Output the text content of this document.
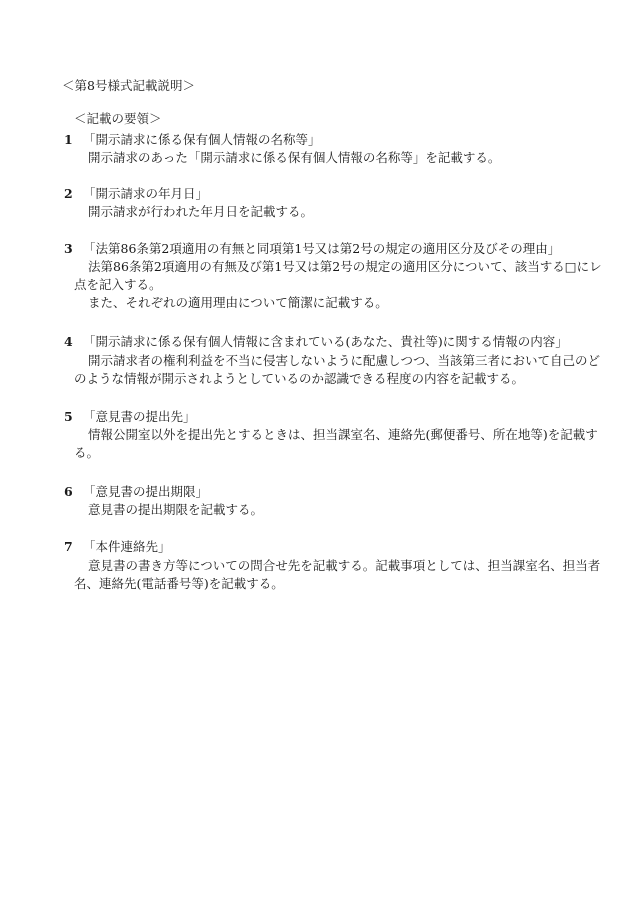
＜第8号様式記載説明＞
＜記載の要領＞
1 「開示請求に係る保有個人情報の名称等」
開示請求のあった「開示請求に係る保有個人情報の名称等」を記載する。
2 「開示請求の年月日」
開示請求が行われた年月日を記載する。
3 「法第86条第2項適用の有無と同項第1号又は第2号の規定の適用区分及びその理由」
法第86条第2項適用の有無及び第1号又は第2号の規定の適用区分について、該当する□にレ
点を記入する。
また、それぞれの適用理由について簡潔に記載する。
4 「開示請求に係る保有個人情報に含まれている(あなた、貴社等)に関する情報の内容」
開示請求者の権利利益を不当に侵害しないように配慮しつつ、当該第三者において自己のど
のような情報が開示されようとしているのか認識できる程度の内容を記載する。
5 「意見書の提出先」
情報公開室以外を提出先とするときは、担当課室名、連絡先(郵便番号、所在地等)を記載す
る。
6 「意見書の提出期限」
意見書の提出期限を記載する。
7 「本件連絡先」
意見書の書き方等についての問合せ先を記載する。記載事項としては、担当課室名、担当者
名、連絡先(電話番号等)を記載する。
